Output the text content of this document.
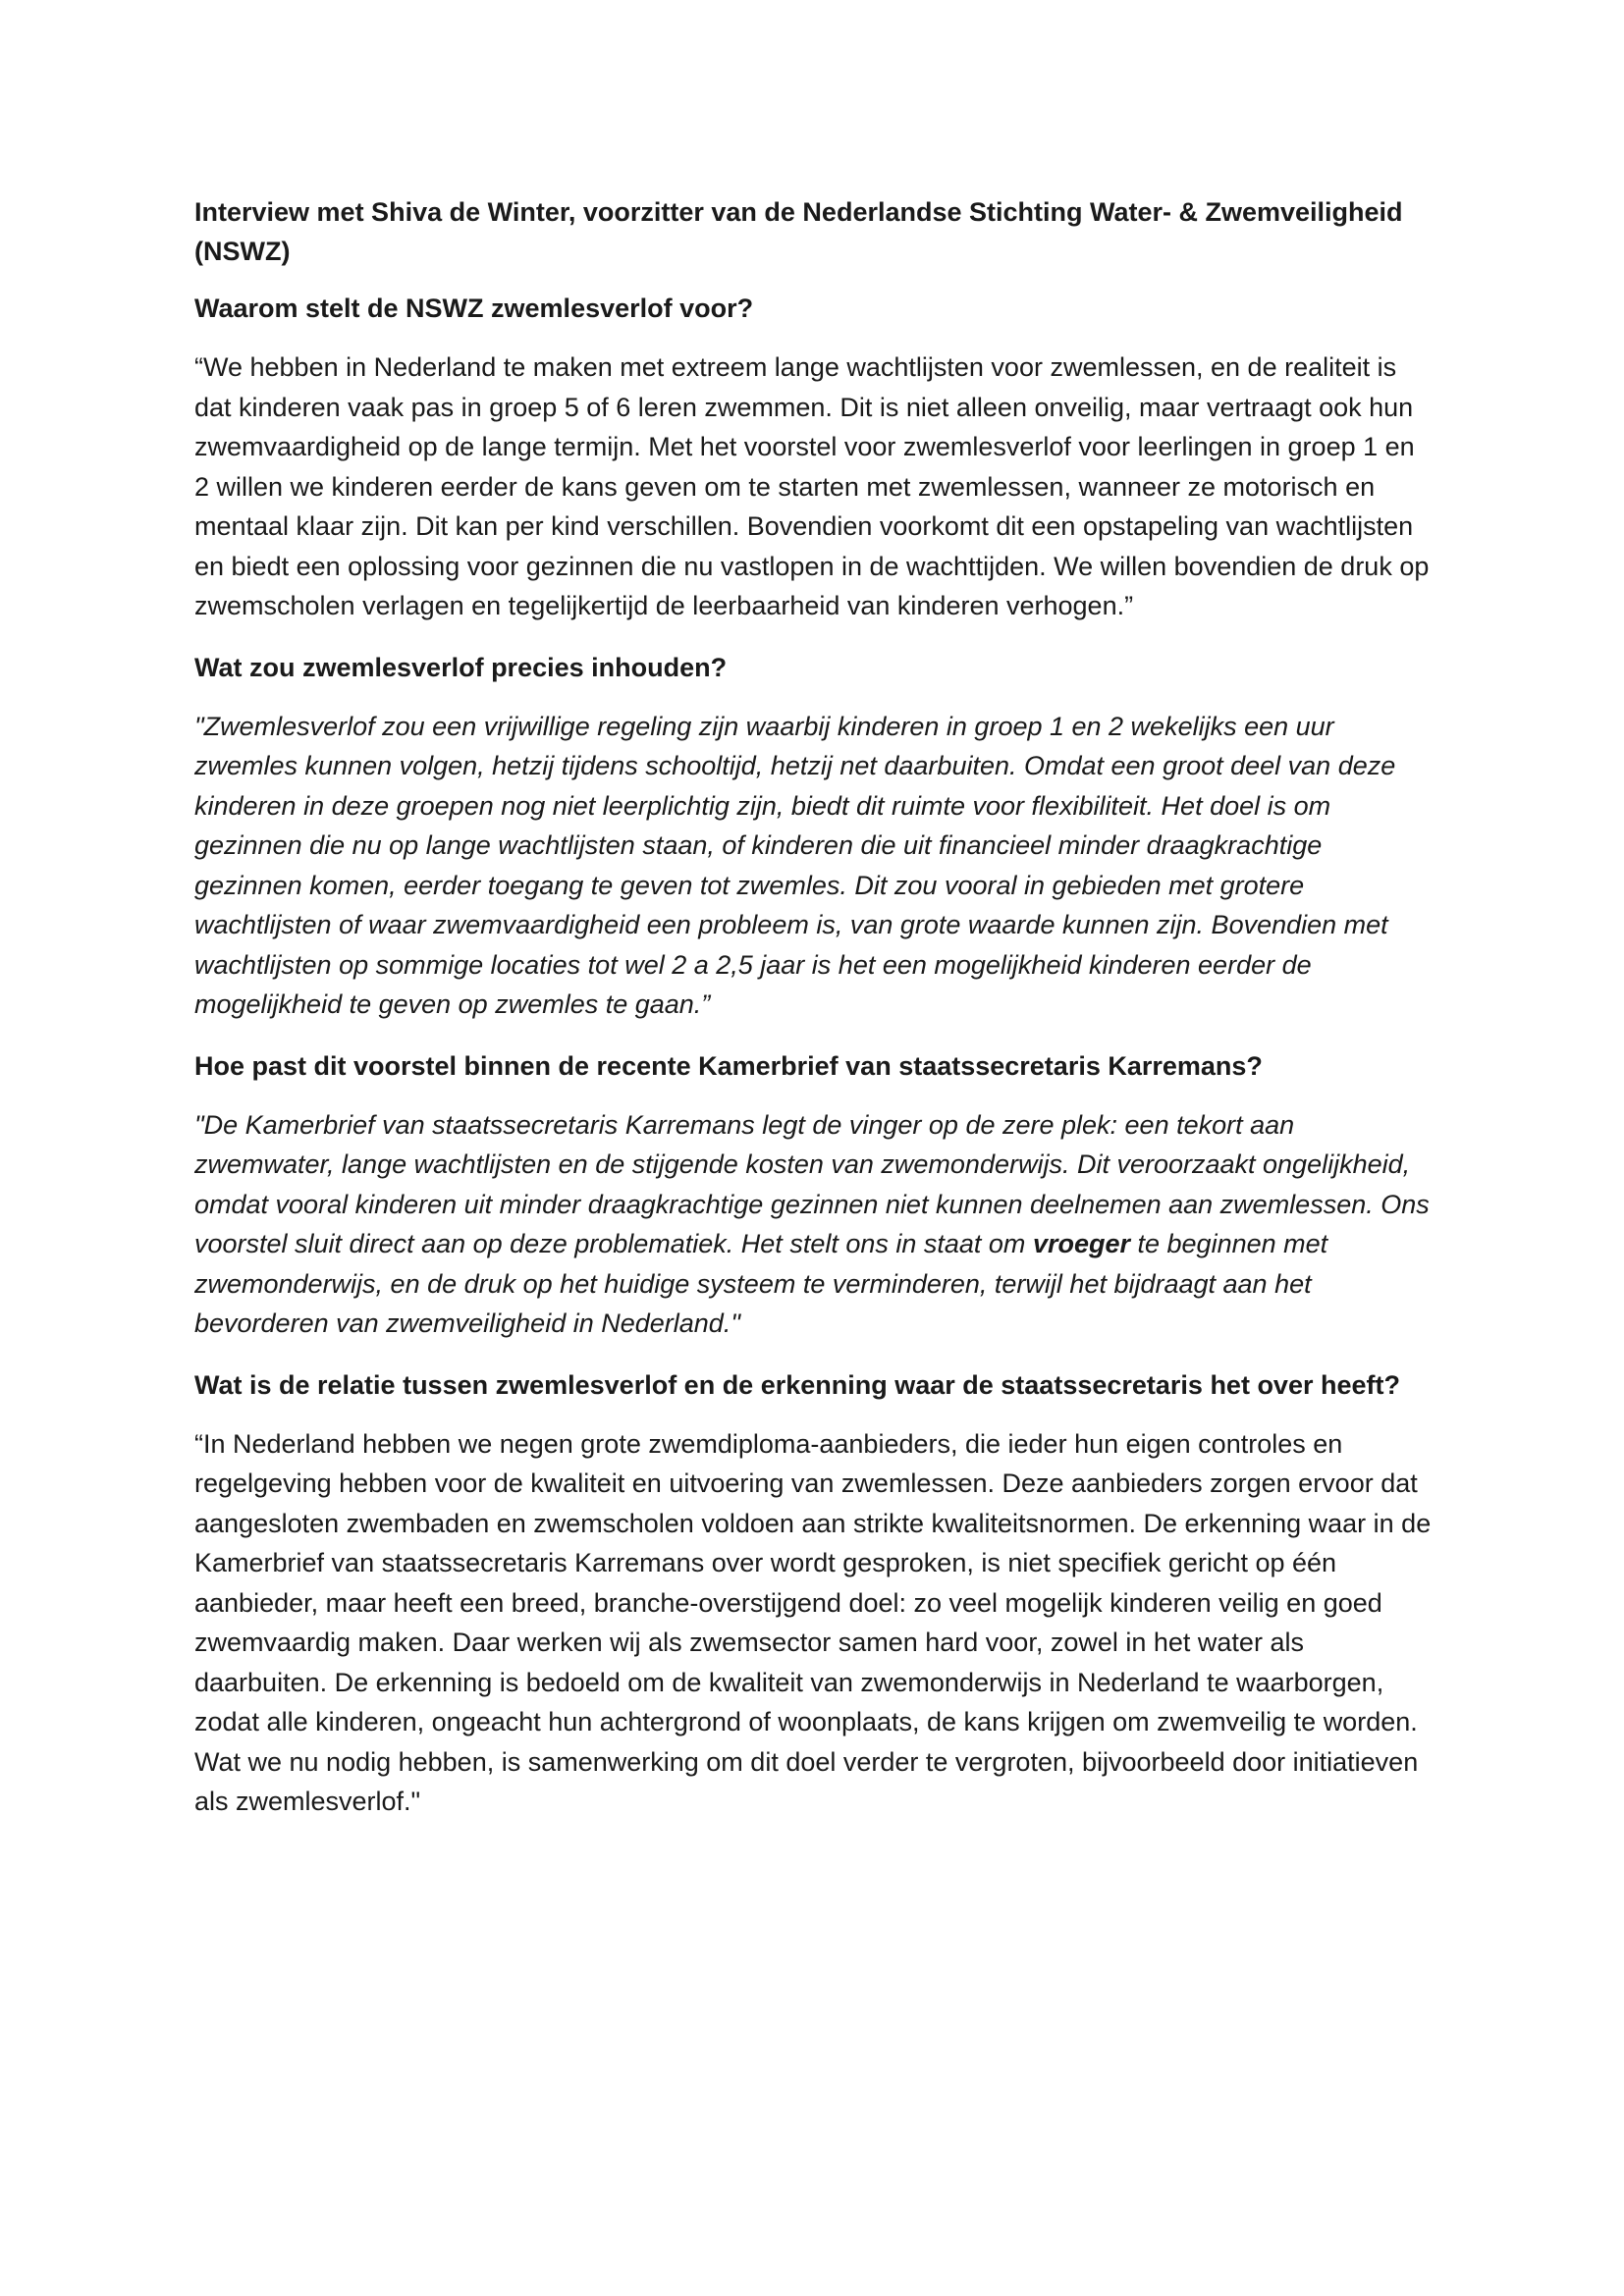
Interview met Shiva de Winter, voorzitter van de Nederlandse Stichting Water- & Zwemveiligheid (NSWZ)

Waarom stelt de NSWZ zwemlesverlof voor?

“We hebben in Nederland te maken met extreem lange wachtlijsten voor zwemlessen, en de realiteit is dat kinderen vaak pas in groep 5 of 6 leren zwemmen. Dit is niet alleen onveilig, maar vertraagt ook hun zwemvaardigheid op de lange termijn. Met het voorstel voor zwemlesverlof voor leerlingen in groep 1 en 2 willen we kinderen eerder de kans geven om te starten met zwemlessen, wanneer ze motorisch en mentaal klaar zijn. Dit kan per kind verschillen. Bovendien voorkomt dit een opstapeling van wachtlijsten en biedt een oplossing voor gezinnen die nu vastlopen in de wachttijden. We willen bovendien de druk op zwemscholen verlagen en tegelijkertijd de leerbaarheid van kinderen verhogen.”

Wat zou zwemlesverlof precies inhouden?

"Zwemlesverlof zou een vrijwillige regeling zijn waarbij kinderen in groep 1 en 2 wekelijks een uur zwemles kunnen volgen, hetzij tijdens schooltijd, hetzij net daarbuiten. Omdat een groot deel van deze kinderen in deze groepen nog niet leerplichtig zijn, biedt dit ruimte voor flexibiliteit. Het doel is om gezinnen die nu op lange wachtlijsten staan, of kinderen die uit financieel minder draagkrachtige gezinnen komen, eerder toegang te geven tot zwemles. Dit zou vooral in gebieden met grotere wachtlijsten of waar zwemvaardigheid een probleem is, van grote waarde kunnen zijn. Bovendien met wachtlijsten op sommige locaties tot wel 2 a 2,5 jaar is het een mogelijkheid kinderen eerder de mogelijkheid te geven op zwemles te gaan.”

Hoe past dit voorstel binnen de recente Kamerbrief van staatssecretaris Karremans?

"De Kamerbrief van staatssecretaris Karremans legt de vinger op de zere plek: een tekort aan zwemwater, lange wachtlijsten en de stijgende kosten van zwemonderwijs. Dit veroorzaakt ongelijkheid, omdat vooral kinderen uit minder draagkrachtige gezinnen niet kunnen deelnemen aan zwemlessen. Ons voorstel sluit direct aan op deze problematiek. Het stelt ons in staat om vroeger te beginnen met zwemonderwijs, en de druk op het huidige systeem te verminderen, terwijl het bijdraagt aan het bevorderen van zwemveiligheid in Nederland."

Wat is de relatie tussen zwemlesverlof en de erkenning waar de staatssecretaris het over heeft?

“In Nederland hebben we negen grote zwemdiploma-aanbieders, die ieder hun eigen controles en regelgeving hebben voor de kwaliteit en uitvoering van zwemlessen. Deze aanbieders zorgen ervoor dat aangesloten zwembaden en zwemscholen voldoen aan strikte kwaliteitsnormen. De erkenning waar in de Kamerbrief van staatssecretaris Karremans over wordt gesproken, is niet specifiek gericht op één aanbieder, maar heeft een breed, branche-overstijgend doel: zo veel mogelijk kinderen veilig en goed zwemvaardig maken. Daar werken wij als zwemsector samen hard voor, zowel in het water als daarbuiten. De erkenning is bedoeld om de kwaliteit van zwemonderwijs in Nederland te waarborgen, zodat alle kinderen, ongeacht hun achtergrond of woonplaats, de kans krijgen om zwemveilig te worden. Wat we nu nodig hebben, is samenwerking om dit doel verder te vergroten, bijvoorbeeld door initiatieven als zwemlesverlof."
